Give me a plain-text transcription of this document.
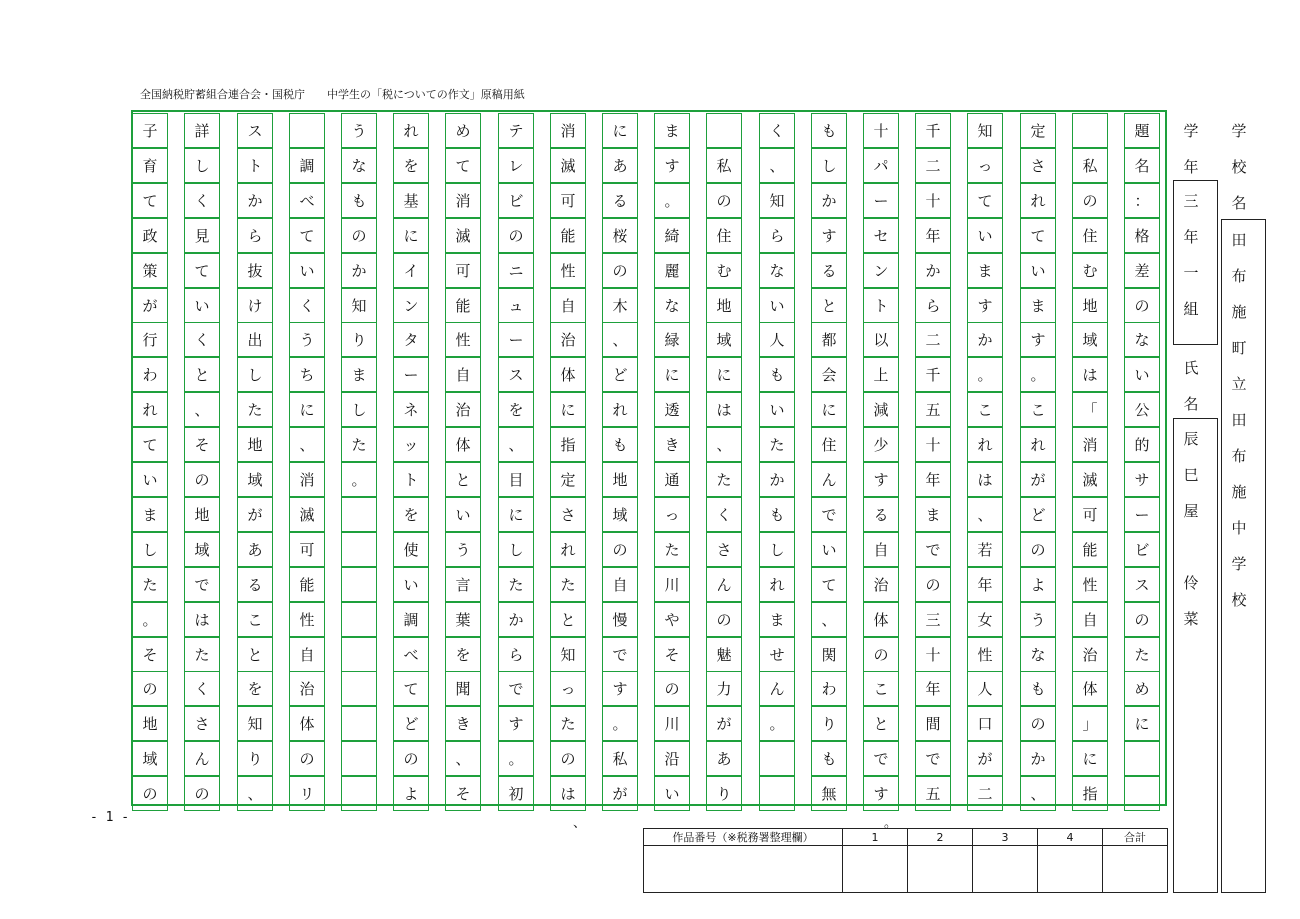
全国納税貯蓄組合連合会・国税庁　　中学生の「税についての作文」原稿用紙
題
名
：
格
差
の
な
い
公
的
サ
ー
ビ
ス
の
た
め
に
私
の
住
む
地
域
は
「
消
滅
可
能
性
自
治
体
」
に
指
定
さ
れ
て
い
ま
す
。
こ
れ
が
ど
の
よ
う
な
も
の
か
、
知
っ
て
い
ま
す
か
。
こ
れ
は
、
若
年
女
性
人
口
が
二
千
二
十
年
か
ら
二
千
五
十
年
ま
で
の
三
十
年
間
で
五
十
パ
ー
セ
ン
ト
以
上
減
少
す
る
自
治
体
の
こ
と
で
す
も
し
か
す
る
と
都
会
に
住
ん
で
い
て
、
関
わ
り
も
無
く
、
知
ら
な
い
人
も
い
た
か
も
し
れ
ま
せ
ん
。
私
の
住
む
地
域
に
は
、
た
く
さ
ん
の
魅
力
が
あ
り
ま
す
。
綺
麗
な
緑
に
透
き
通
っ
た
川
や
そ
の
川
沿
い
に
あ
る
桜
の
木
、
ど
れ
も
地
域
の
自
慢
で
す
。
私
が
消
滅
可
能
性
自
治
体
に
指
定
さ
れ
た
と
知
っ
た
の
は
テ
レ
ビ
の
ニ
ュ
ー
ス
を
、
目
に
し
た
か
ら
で
す
。
初
め
て
消
滅
可
能
性
自
治
体
と
い
う
言
葉
を
聞
き
、
そ
れ
を
基
に
イ
ン
タ
ー
ネ
ッ
ト
を
使
い
調
べ
て
ど
の
よ
う
な
も
の
か
知
り
ま
し
た
。
調
べ
て
い
く
う
ち
に
、
消
滅
可
能
性
自
治
体
の
リ
ス
ト
か
ら
抜
け
出
し
た
地
域
が
あ
る
こ
と
を
知
り
、
詳
し
く
見
て
い
く
と
、
そ
の
地
域
で
は
た
く
さ
ん
の
子
育
て
政
策
が
行
わ
れ
て
い
ま
し
た
。
そ
の
地
域
の
、	。
- 1 -
学
校
名
田
布
施
町
立
田
布
施
中
学
校
学
年
三
年
一
組
氏
名
辰
巳
屋

伶
菜
作品番号（※税務署整理欄）	1	2	3	4	合計
